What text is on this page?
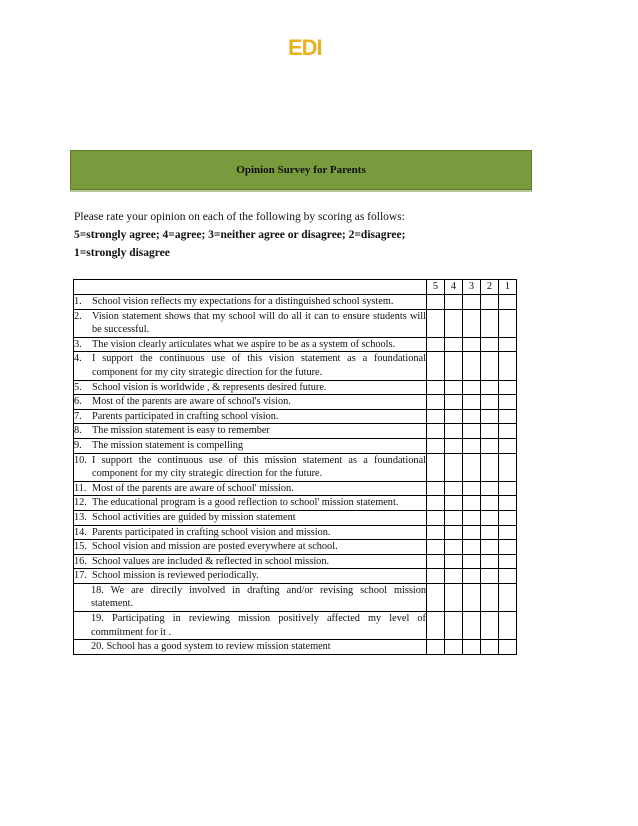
EDI
Opinion Survey for Parents
Please rate your opinion on each of the following by scoring as follows:
5=strongly agree; 4=agree; 3=neither agree or disagree; 2=disagree;
1=strongly disagree
	5	4	3	2	1

1. School vision reflects my expectations for a distinguished school system.					

2. Vision statement shows that my school will do all it can to ensure students will be successful.					

3. The vision clearly articulates what we aspire to be as a system of schools.					

4. I support the continuous use of this vision statement as a foundational component for my city strategic direction for the future.					

5. School vision is worldwide , & represents desired future.					

6. Most of the parents are aware of school's vision.					

7. Parents participated in crafting school vision.					

8. The mission statement is easy to remember					

9. The mission statement is compelling					

10. I support the continuous use of this mission statement as a foundational component for my city strategic direction for the future.					

11. Most of the parents are aware of school' mission.					

12. The educational program is a good reflection to school' mission statement.					

13. School activities are guided by mission statement					

14. Parents participated in crafting school vision and mission.					

15. School vision and mission are posted everywhere at school.					

16. School values are included & reflected in school mission.					

17. School mission is reviewed periodically.					

18. We are directly involved in drafting and/or revising school mission statement.					
19. Participating in reviewing mission positively affected my level of commitment for it .					
20. School has a good system to review mission statement					
